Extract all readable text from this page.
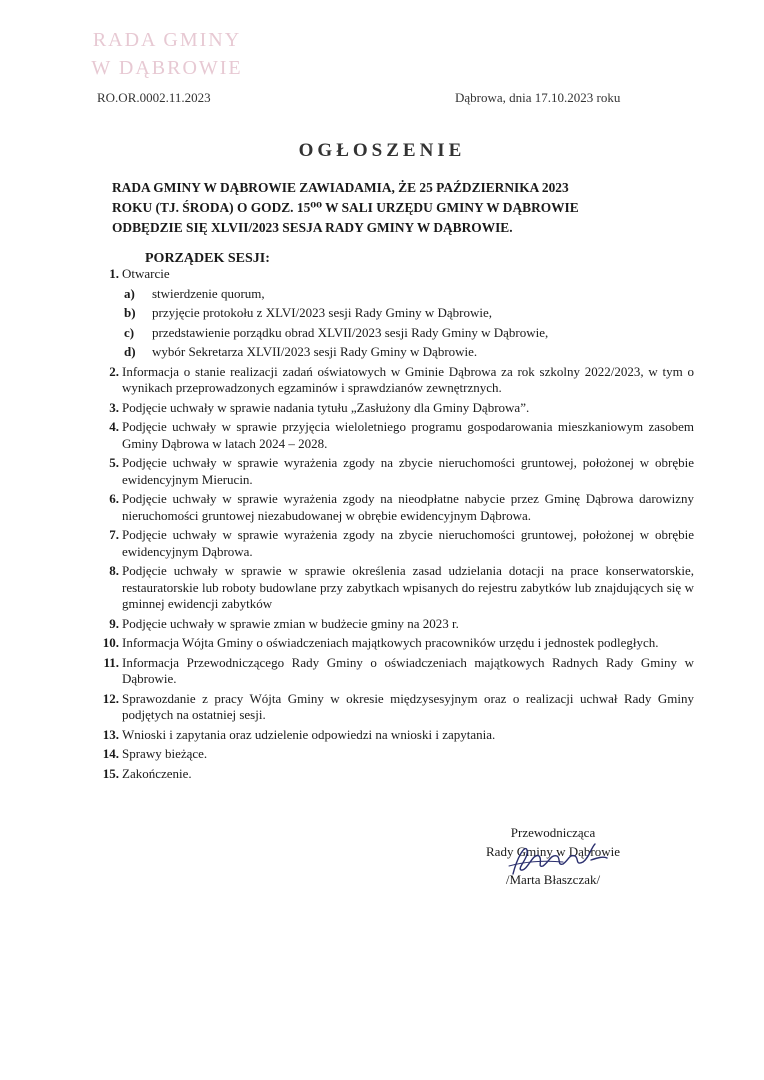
RADA GMINY
W DĄBROWIE
RO.OR.0002.11.2023	Dąbrowa, dnia 17.10.2023 roku
OGŁOSZENIE
RADA GMINY W DĄBROWIE ZAWIADAMIA, ŻE 25 PAŹDZIERNIKA 2023
ROKU (TJ. ŚRODA) O GODZ. 15⁰⁰ W SALI URZĘDU GMINY W DĄBROWIE
ODBĘDZIE SIĘ XLVII/2023 SESJA RADY GMINY W DĄBROWIE.
PORZĄDEK SESJI:
1. Otwarcie
a) stwierdzenie quorum,
b) przyjęcie protokołu z XLVI/2023 sesji Rady Gminy w Dąbrowie,
c) przedstawienie porządku obrad XLVII/2023 sesji Rady Gminy w Dąbrowie,
d) wybór Sekretarza XLVII/2023 sesji Rady Gminy w Dąbrowie.
2. Informacja o stanie realizacji zadań oświatowych w Gminie Dąbrowa za rok szkolny 2022/2023, w tym o wynikach przeprowadzonych egzaminów i sprawdzianów zewnętrznych.
3. Podjęcie uchwały w sprawie nadania tytułu „Zasłużony dla Gminy Dąbrowa”.
4. Podjęcie uchwały w sprawie przyjęcia wieloletniego programu gospodarowania mieszkaniowym zasobem Gminy Dąbrowa w latach 2024 – 2028.
5. Podjęcie uchwały w sprawie wyrażenia zgody na zbycie nieruchomości gruntowej, położonej w obrębie ewidencyjnym Mierucin.
6. Podjęcie uchwały w sprawie wyrażenia zgody na nieodpłatne nabycie przez Gminę Dąbrowa darowizny nieruchomości gruntowej niezabudowanej w obrębie ewidencyjnym Dąbrowa.
7. Podjęcie uchwały w sprawie wyrażenia zgody na zbycie nieruchomości gruntowej, położonej w obrębie ewidencyjnym Dąbrowa.
8. Podjęcie uchwały w sprawie w sprawie określenia zasad udzielania dotacji na prace konserwatorskie, restauratorskie lub roboty budowlane przy zabytkach wpisanych do rejestru zabytków lub znajdujących się w gminnej ewidencji zabytków
9. Podjęcie uchwały w sprawie zmian w budżecie gminy na 2023 r.
10. Informacja Wójta Gminy o oświadczeniach majątkowych pracowników urzędu i jednostek podległych.
11. Informacja Przewodniczącego Rady Gminy o oświadczeniach majątkowych Radnych Rady Gminy w Dąbrowie.
12. Sprawozdanie z pracy Wójta Gminy w okresie międzysesyjnym oraz o realizacji uchwał Rady Gminy podjętych na ostatniej sesji.
13. Wnioski i zapytania oraz udzielenie odpowiedzi na wnioski i zapytania.
14. Sprawy bieżące.
15. Zakończenie.
Przewodnicząca
Rady Gminy w Dąbrowie
/Marta Błaszczak/
